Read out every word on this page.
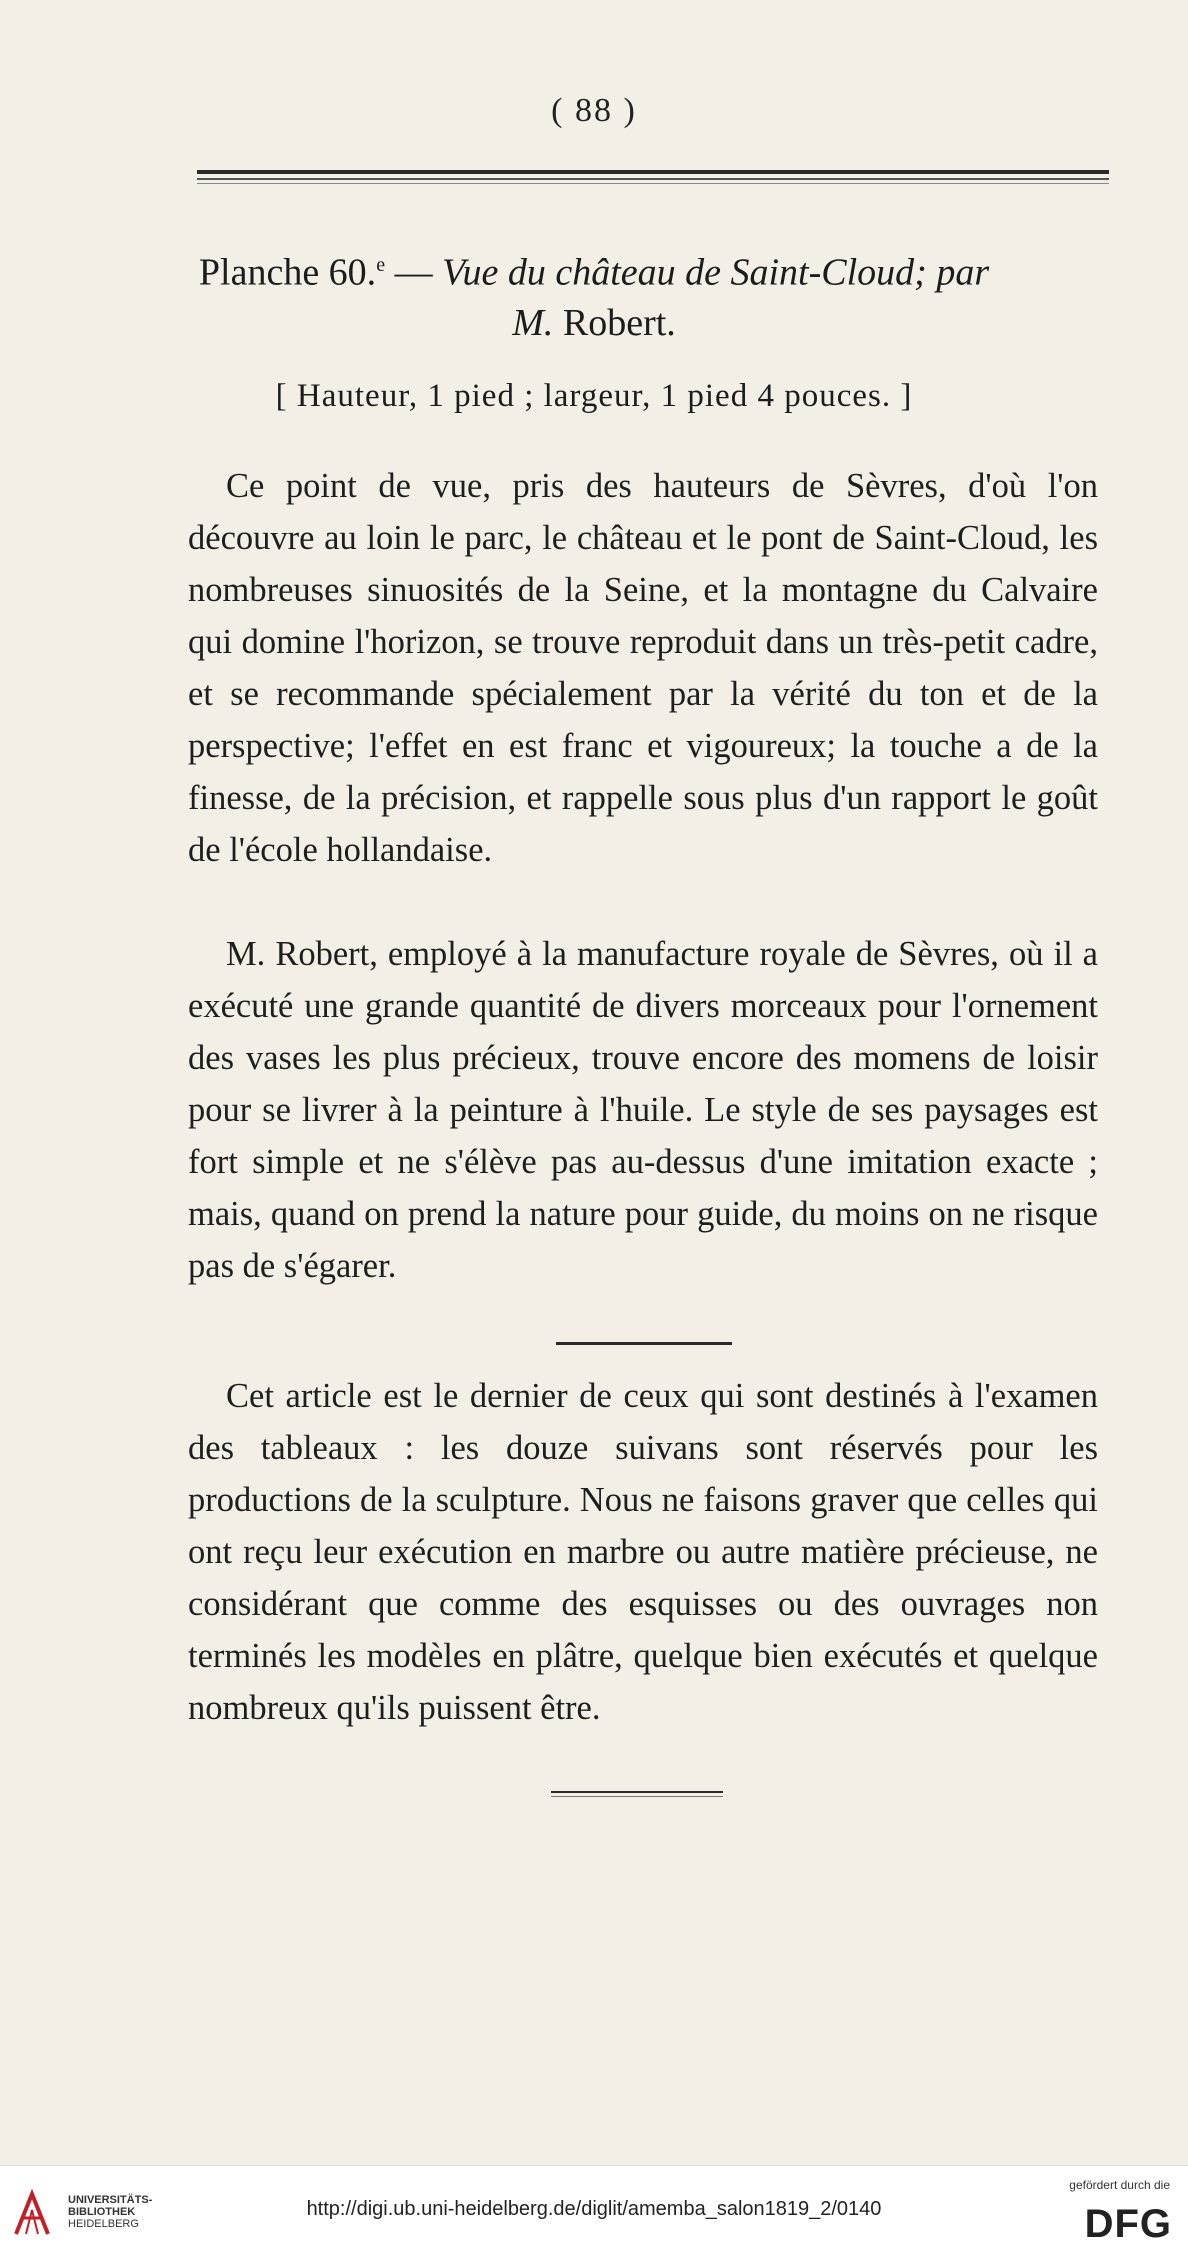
( 88 )
Planche 60.$^e$ — Vue du château de Saint-Cloud; par
M. Robert.
[ Hauteur, 1 pied ; largeur, 1 pied 4 pouces. ]

Ce point de vue, pris des hauteurs de Sèvres, d'où l'on découvre au loin le parc, le château et le pont de Saint-Cloud, les nombreuses sinuosités de la Seine, et la montagne du Calvaire qui domine l'horizon, se trouve reproduit dans un très-petit cadre, et se recommande spécialement par la vérité du ton et de la perspective; l'effet en est franc et vigoureux; la touche a de la finesse, de la précision, et rappelle sous plus d'un rapport le goût de l'école hollandaise.

M. Robert, employé à la manufacture royale de Sèvres, où il a exécuté une grande quantité de divers morceaux pour l'ornement des vases les plus précieux, trouve encore des momens de loisir pour se livrer à la peinture à l'huile. Le style de ses paysages est fort simple et ne s'élève pas au-dessus d'une imitation exacte ; mais, quand on prend la nature pour guide, du moins on ne risque pas de s'égarer.

Cet article est le dernier de ceux qui sont destinés à l'examen des tableaux : les douze suivans sont réservés pour les productions de la sculpture. Nous ne faisons graver que celles qui ont reçu leur exécution en marbre ou autre matière précieuse, ne considérant que comme des esquisses ou des ouvrages non terminés les modèles en plâtre, quelque bien exécutés et quelque nombreux qu'ils puissent être.

UNIVERSITÄTS-
BIBLIOTHEK
HEIDELBERG
http://digi.ub.uni-heidelberg.de/diglit/amemba_salon1819_2/0140
gefördert durch die
DFG
